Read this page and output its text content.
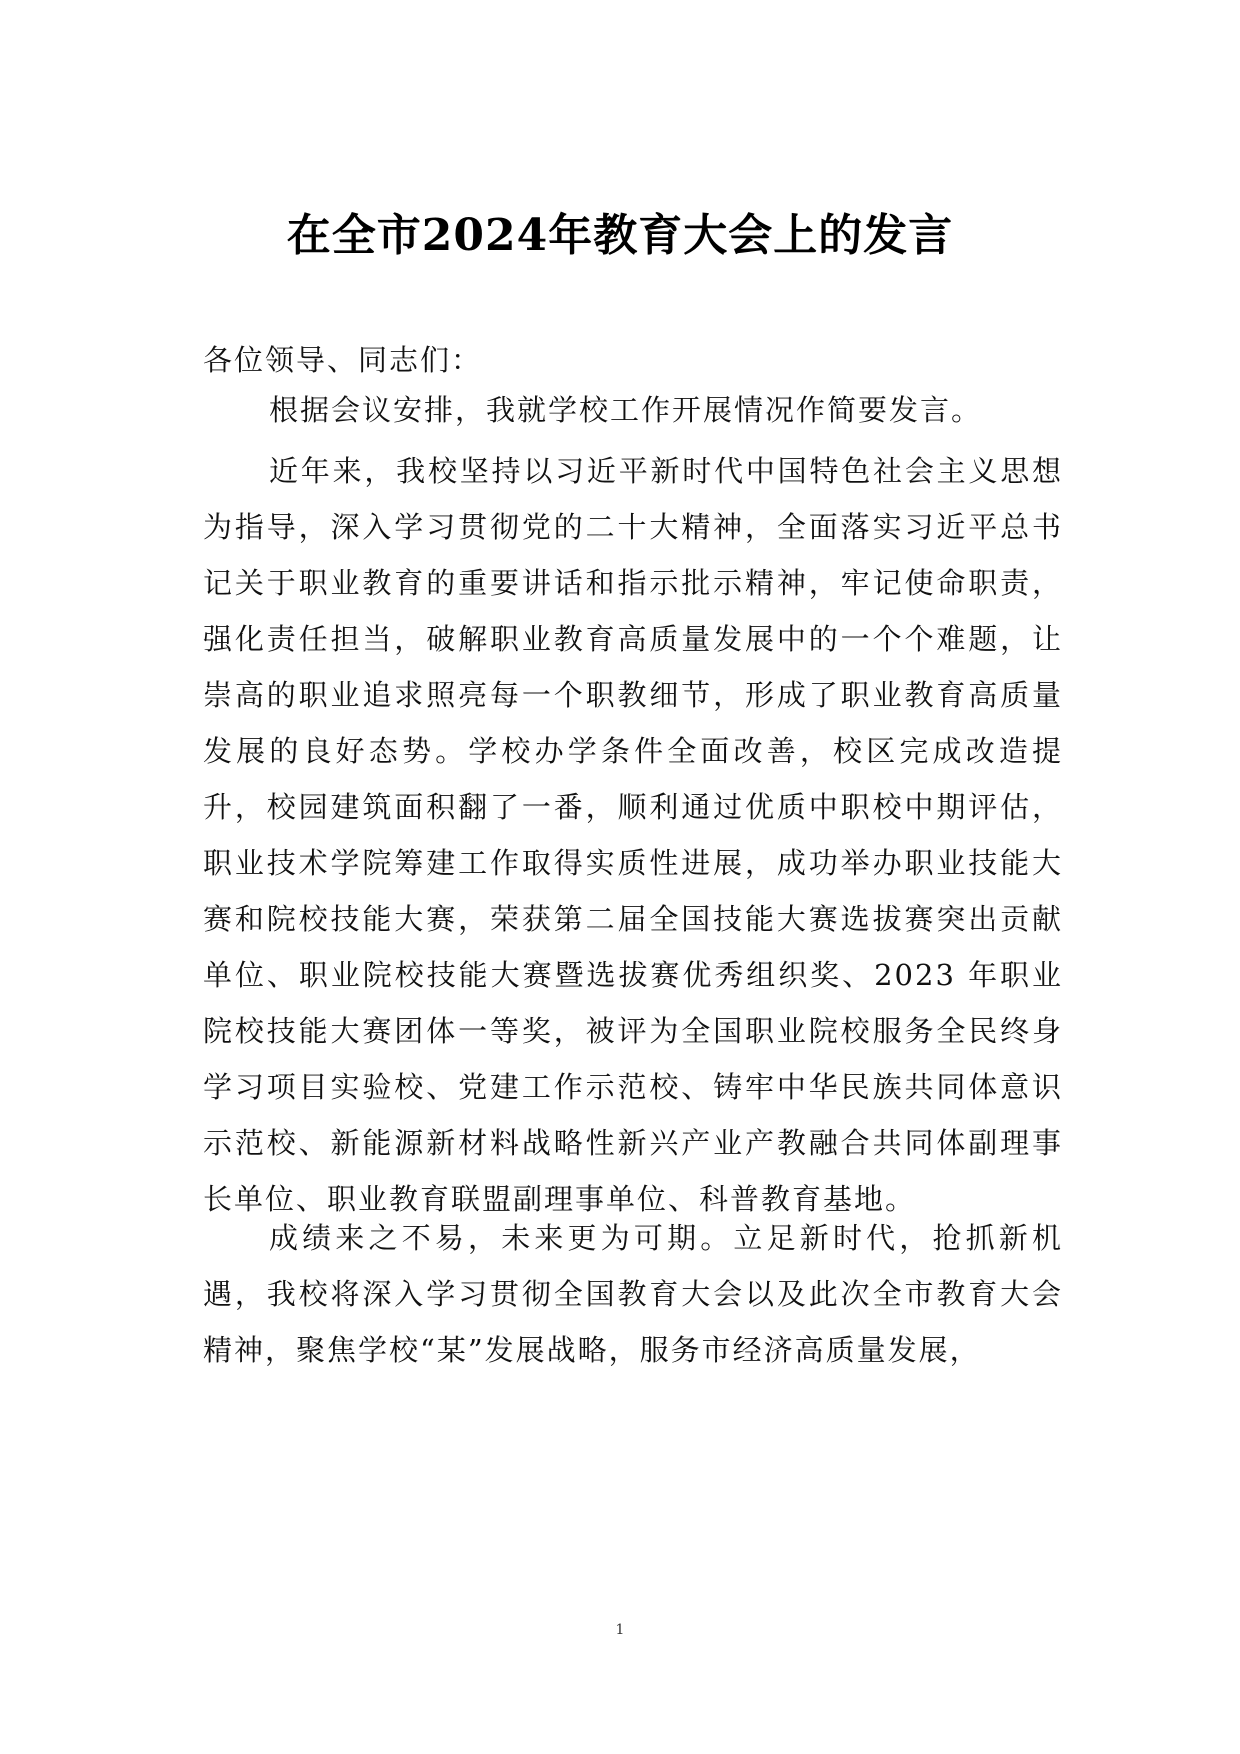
在全市2024年教育大会上的发言

各位领导、同志们：

根据会议安排，我就学校工作开展情况作简要发言。

近年来，我校坚持以习近平新时代中国特色社会主义思想为指导，深入学习贯彻党的二十大精神，全面落实习近平总书记关于职业教育的重要讲话和指示批示精神，牢记使命职责，强化责任担当，破解职业教育高质量发展中的一个个难题，让崇高的职业追求照亮每一个职教细节，形成了职业教育高质量发展的良好态势。学校办学条件全面改善，校区完成改造提升，校园建筑面积翻了一番，顺利通过优质中职校中期评估，职业技术学院筹建工作取得实质性进展，成功举办职业技能大赛和院校技能大赛，荣获第二届全国技能大赛选拔赛突出贡献单位、职业院校技能大赛暨选拔赛优秀组织奖、2023 年职业院校技能大赛团体一等奖，被评为全国职业院校服务全民终身学习项目实验校、党建工作示范校、铸牢中华民族共同体意识示范校、新能源新材料战略性新兴产业产教融合共同体副理事长单位、职业教育联盟副理事单位、科普教育基地。

成绩来之不易，未来更为可期。立足新时代，抢抓新机遇，我校将深入学习贯彻全国教育大会以及此次全市教育大会精神，聚焦学校“某”发展战略，服务市经济高质量发展，

1
